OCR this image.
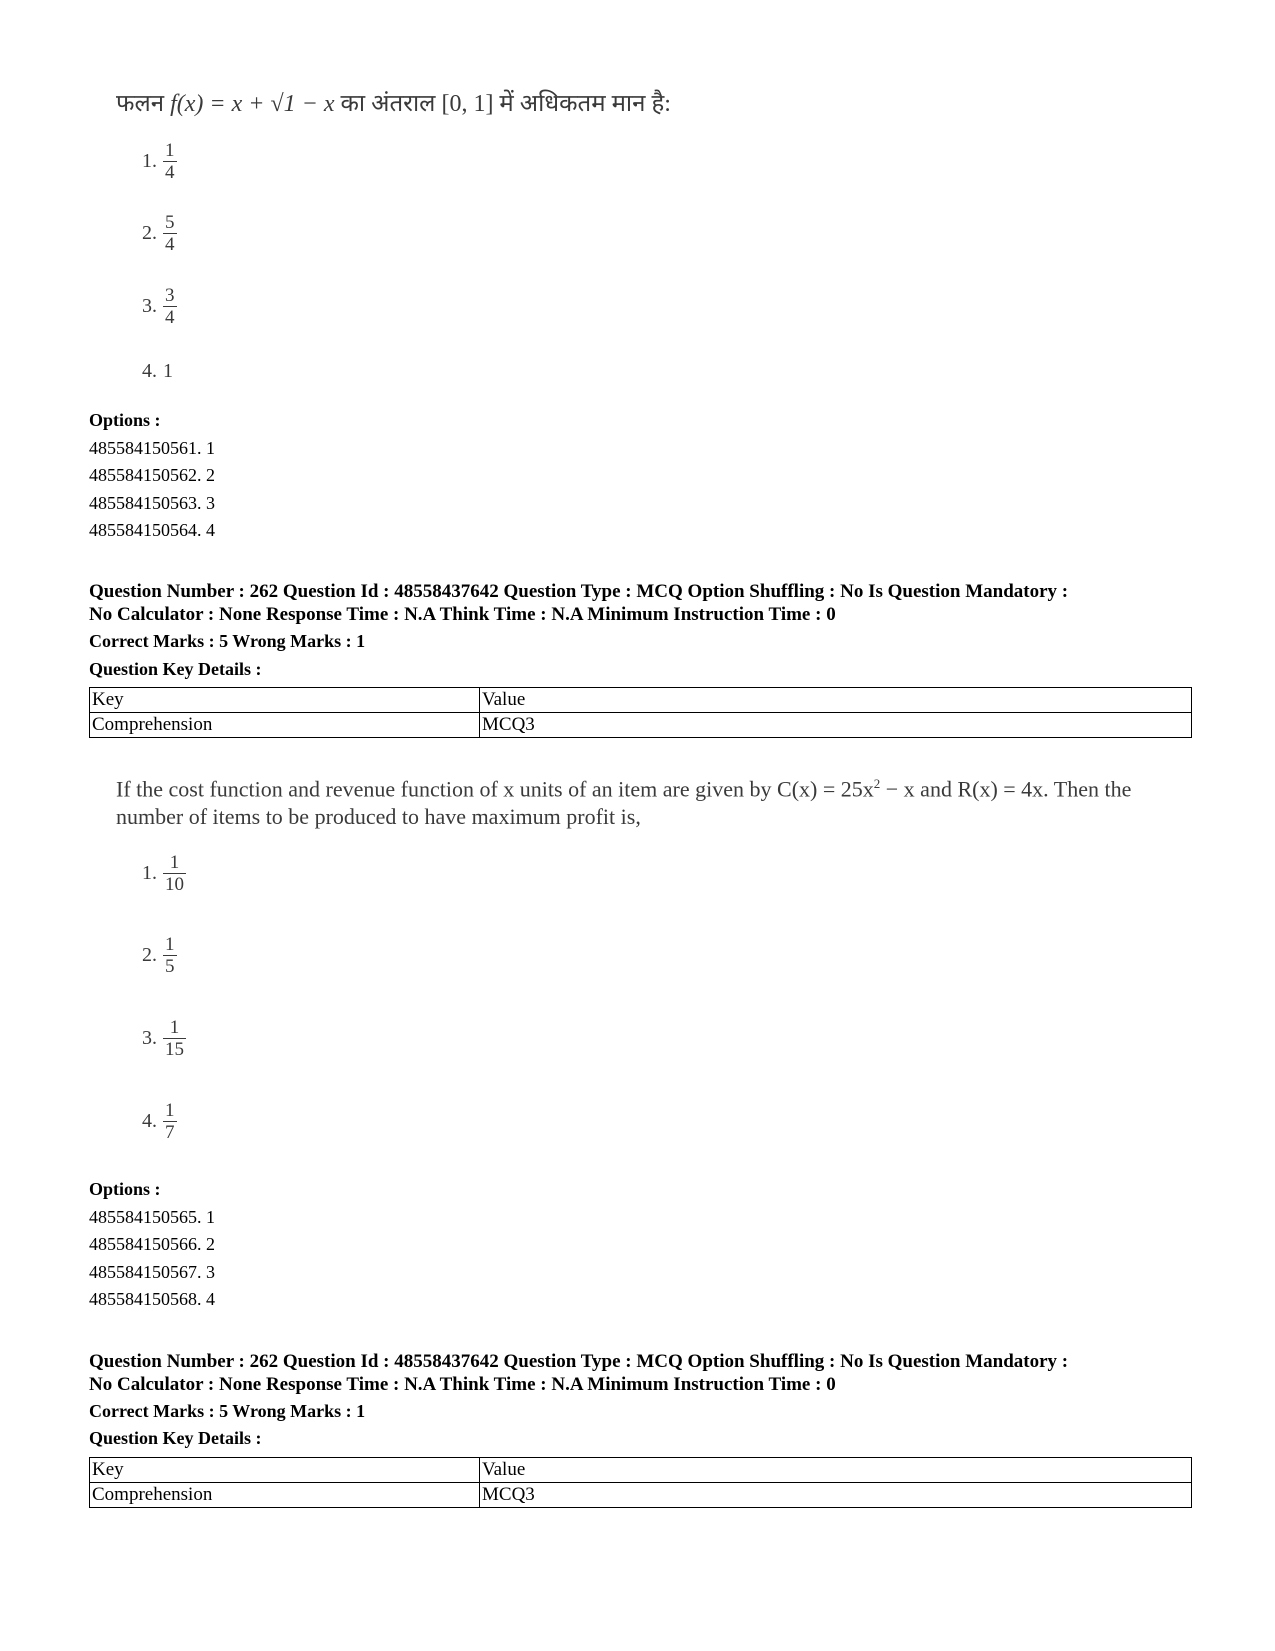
फलन f(x) = x + √1 − x का अंतराल [0, 1] में अधिकतम मान है:
1. $\frac{1}{4}$
2. $\frac{5}{4}$
3. $\frac{3}{4}$
4. 1
Options :
485584150561. 1
485584150562. 2
485584150563. 3
485584150564. 4
Question Number : 262 Question Id : 48558437642 Question Type : MCQ Option Shuffling : No Is Question Mandatory :
No Calculator : None Response Time : N.A Think Time : N.A Minimum Instruction Time : 0
Correct Marks : 5 Wrong Marks : 1
Question Key Details :
Key	Value
Comprehension	MCQ3
If the cost function and revenue function of x units of an item are given by $C(x) = 25x^2 - x$ and R(x) = 4x. Then the number of items to be produced to have maximum profit is,
1. $\frac{1}{10}$
2. $\frac{1}{5}$
3. $\frac{1}{15}$
4. $\frac{1}{7}$
Options :
485584150565. 1
485584150566. 2
485584150567. 3
485584150568. 4
Question Number : 262 Question Id : 48558437642 Question Type : MCQ Option Shuffling : No Is Question Mandatory :
No Calculator : None Response Time : N.A Think Time : N.A Minimum Instruction Time : 0
Correct Marks : 5 Wrong Marks : 1
Question Key Details :
Key	Value
Comprehension	MCQ3
